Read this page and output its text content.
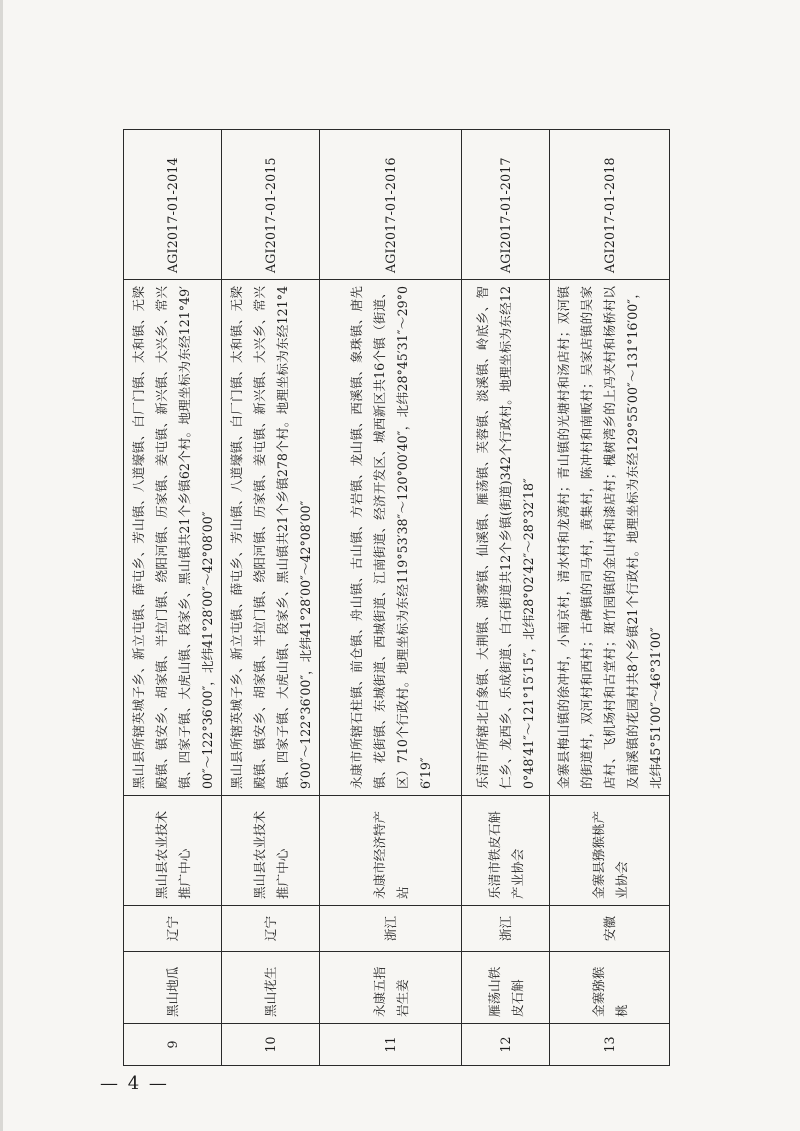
9	黑山地瓜	辽宁	黑山县农业技术推广中心	黑山县所辖英城子乡、新立屯镇、薛屯乡、芳山镇、八道壕镇、白厂门镇、太和镇、无梁殿镇、镇安乡、胡家镇、半拉门镇、绕阳河镇、历家镇、姜屯镇、新兴镇、大兴乡、常兴镇、四家子镇、大虎山镇、段家乡、黑山镇共21个乡镇62个村。地理坐标为东经121°49′00″～122°36′00″，北纬41°28′00″～42°08′00″	AGI2017-01-2014
10	黑山花生	辽宁	黑山县农业技术推广中心	黑山县所辖英城子乡、新立屯镇、薛屯乡、芳山镇、八道壕镇、白厂门镇、太和镇、无梁殿镇、镇安乡、胡家镇、半拉门镇、绕阳河镇、历家镇、姜屯镇、新兴镇、大兴乡、常兴镇、四家子镇、大虎山镇、段家乡、黑山镇共21个乡镇278个村。地理坐标为东经121°49′00″～122°36′00″，北纬41°28′00″～42°08′00″	AGI2017-01-2015
11	永康五指岩生姜	浙江	永康市经济特产站	永康市所辖石柱镇、前仓镇、舟山镇、古山镇、方岩镇、龙山镇、西溪镇、象珠镇、唐先镇、花街镇、东城街道、西城街道、江南街道、经济开发区、城西新区共16个镇（街道、区）710个行政村。地理坐标为东经119°53′38″～120°00′40″，北纬28°45′31″～29°06′19″	AGI2017-01-2016
12	雁荡山铁皮石斛	浙江	乐清市铁皮石斛产业协会	乐清市所辖北白象镇、大荆镇、湖雾镇、仙溪镇、雁荡镇、芙蓉镇、淡溪镇、岭底乡、智仁乡、龙西乡、乐成街道、白石街道共12个乡镇(街道)342个行政村。地理坐标为东经120°48′41″～121°15′15″，北纬28°02′42″～28°32′18″	AGI2017-01-2017
13	金寨猕猴桃	安徽	金寨县猕猴桃产业协会	金寨县梅山镇的徐冲村，小南京村，清水村和龙湾村；青山镇的光塘村和汤店村；双河镇的街道村，双河村和西村；古碑镇的司马村，黄集村，陈冲村和南畈村；吴家店镇的吴家店村、飞机场村和古堂村；斑竹园镇的金山村和漆店村；槐树湾乡的上冯夹村和杨桥村以及南溪镇的花园村共8个乡镇21个行政村。地理坐标为东经129°55′00″～131°16′00″，北纬45°51′00″～46°31′00″	AGI2017-01-2018
— 4 —
